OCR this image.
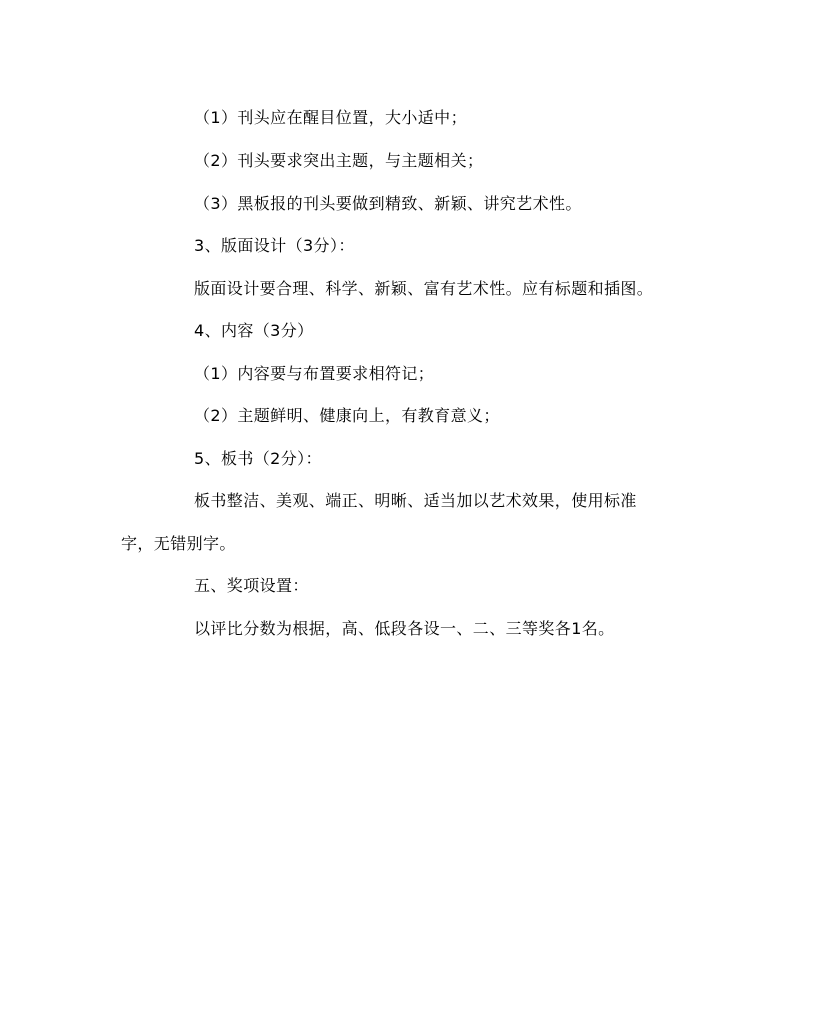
（1）刊头应在醒目位置，大小适中；

（2）刊头要求突出主题，与主题相关；

（3）黑板报的刊头要做到精致、新颖、讲究艺术性。

3、版面设计（3分）：

版面设计要合理、科学、新颖、富有艺术性。应有标题和插图。

4、内容（3分）

（1）内容要与布置要求相符记；

（2）主题鲜明、健康向上，有教育意义；

5、板书（2分）：

板书整洁、美观、端正、明晰、适当加以艺术效果，使用标准

字，无错别字。

五、奖项设置：

以评比分数为根据，高、低段各设一、二、三等奖各1名。
